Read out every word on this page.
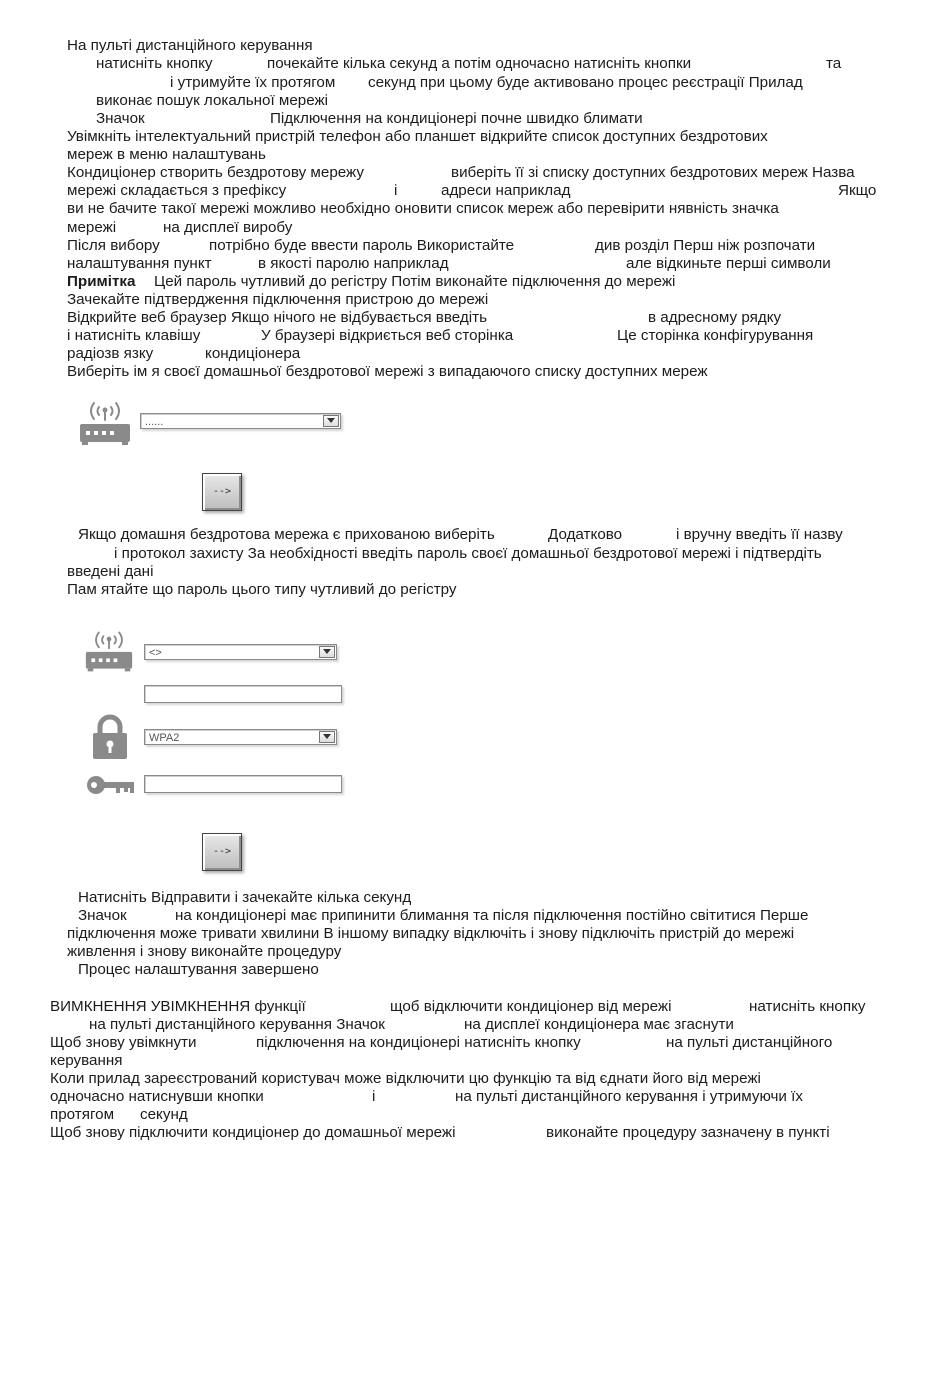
На пульті дистанційного керування
натисніть кнопку	почекайте кілька секунд а потім одночасно натисніть кнопки	та
і утримуйте їх протягом секунд при цьому буде активовано процес реєстрації Прилад
виконає пошук локальної мережі
Значок	Підключення на кондиціонері почне швидко блимати
Увімкніть інтелектуальний пристрій телефон або планшет відкрийте список доступних бездротових
мереж в меню налаштувань
Кондиціонер створить бездротову мережу	виберіть її зі списку доступних бездротових мереж Назва
мережі складається з префіксу	і	адреси наприклад	Якщо
ви не бачите такої мережі можливо необхідно оновити список мереж або перевірити нявність значка
мережі	на дисплеї виробу
Після вибору	потрібно буде ввести пароль Використайте	див розділ Перш ніж розпочати
налаштування пункт	в якості паролю наприклад	але відкиньте перші символи
Примітка Цей пароль чутливий до регістру Потім виконайте підключення до мережі
Зачекайте підтвердження підключення пристрою до мережі
Відкрийте веб браузер Якщо нічого не відбувається введіть	в адресному рядку
і натисніть клавішу	У браузері відкриється веб сторінка	Це сторінка конфігурування
радіозв язку	кондиціонера
Виберіть ім я своєї домашньої бездротової мережі з випадаючого списку доступних мереж
......
-->
Якщо домашня бездротова мережа є прихованою виберіть	Додатково	і вручну введіть її назву
і протокол захисту За необхідності введіть пароль своєї домашньої бездротової мережі і підтвердіть
введені дані
Пам ятайте що пароль цього типу чутливий до регістру
<>
WPA2
-->
Натисніть Відправити і зачекайте кілька секунд
Значок	на кондиціонері має припинити блимання та після підключення постійно світитися Перше
підключення може тривати хвилини В іншому випадку відключіть і знову підключіть пристрій до мережі
живлення і знову виконайте процедуру
Процес налаштування завершено
ВИМКНЕННЯ УВІМКНЕННЯ функції	щоб відключити кондиціонер від мережі	натисніть кнопку
на пульті дистанційного керування Значок	на дисплеї кондиціонера має згаснути
Щоб знову увімкнути	підключення на кондиціонері натисніть кнопку	на пульті дистанційного
керування
Коли прилад зареєстрований користувач може відключити цю функцію та від єднати його від мережі
одночасно натиснувши кнопки	і	на пульті дистанційного керування і утримуючи їх
протягом секунд
Щоб знову підключити кондиціонер до домашньої мережі	виконайте процедуру зазначену в пункті
